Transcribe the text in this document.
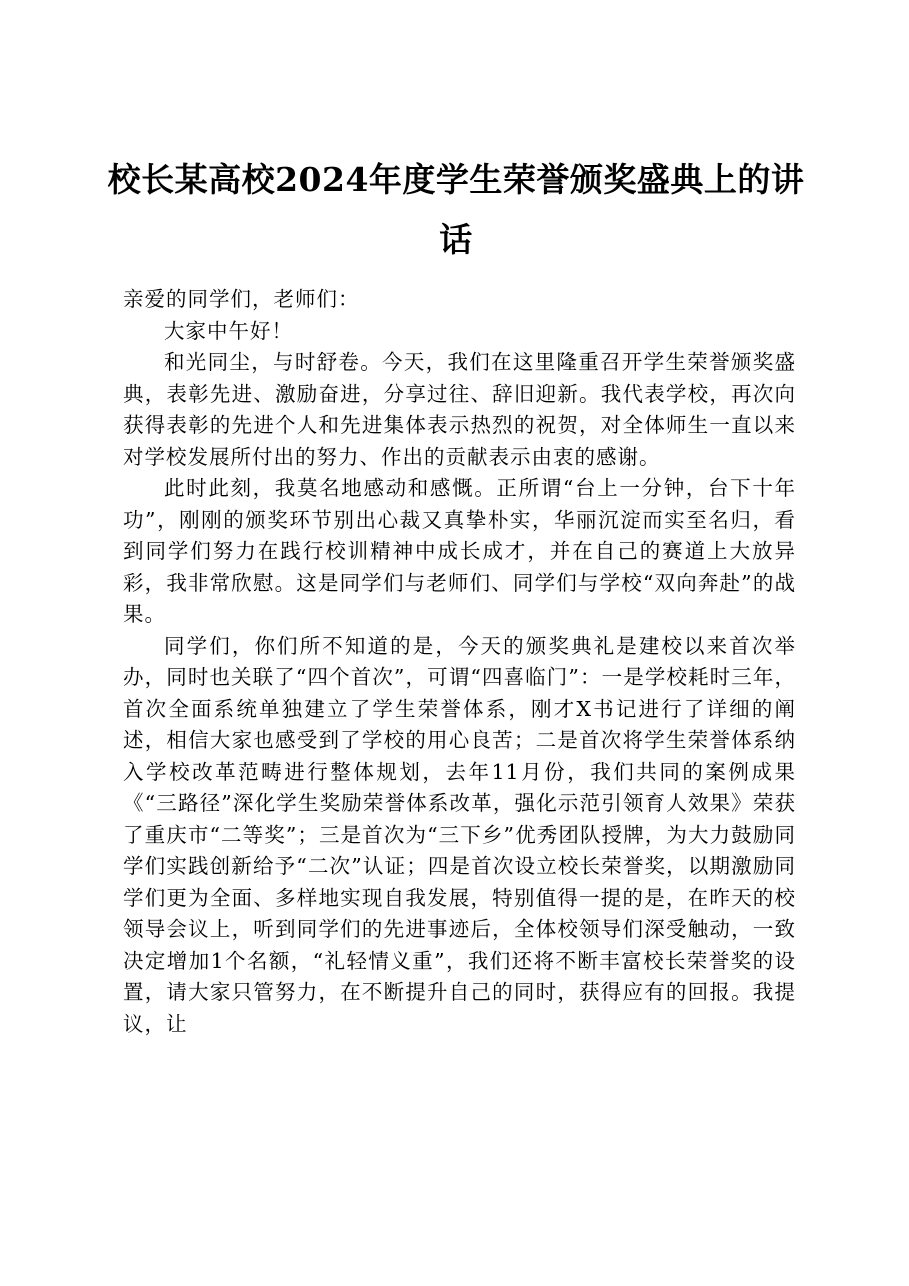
校长某高校2024年度学生荣誉颁奖盛典上的讲话

亲爱的同学们，老师们：

大家中午好！

和光同尘，与时舒卷。今天，我们在这里隆重召开学生荣誉颁奖盛典，表彰先进、激励奋进，分享过往、辞旧迎新。我代表学校，再次向获得表彰的先进个人和先进集体表示热烈的祝贺，对全体师生一直以来对学校发展所付出的努力、作出的贡献表示由衷的感谢。

此时此刻，我莫名地感动和感慨。正所谓“台上一分钟，台下十年功”，刚刚的颁奖环节别出心裁又真挚朴实，华丽沉淀而实至名归，看到同学们努力在践行校训精神中成长成才，并在自己的赛道上大放异彩，我非常欣慰。这是同学们与老师们、同学们与学校“双向奔赴”的战果。

同学们，你们所不知道的是，今天的颁奖典礼是建校以来首次举办，同时也关联了“四个首次”，可谓“四喜临门”：一是学校耗时三年，首次全面系统单独建立了学生荣誉体系，刚才X书记进行了详细的阐述，相信大家也感受到了学校的用心良苦；二是首次将学生荣誉体系纳入学校改革范畴进行整体规划，去年11月份，我们共同的案例成果《“三路径”深化学生奖励荣誉体系改革，强化示范引领育人效果》荣获了重庆市“二等奖”；三是首次为“三下乡”优秀团队授牌，为大力鼓励同学们实践创新给予“二次”认证；四是首次设立校长荣誉奖，以期激励同学们更为全面、多样地实现自我发展，特别值得一提的是，在昨天的校领导会议上，听到同学们的先进事迹后，全体校领导们深受触动，一致决定增加1个名额，“礼轻情义重”，我们还将不断丰富校长荣誉奖的设置，请大家只管努力，在不断提升自己的同时，获得应有的回报。我提议，让
